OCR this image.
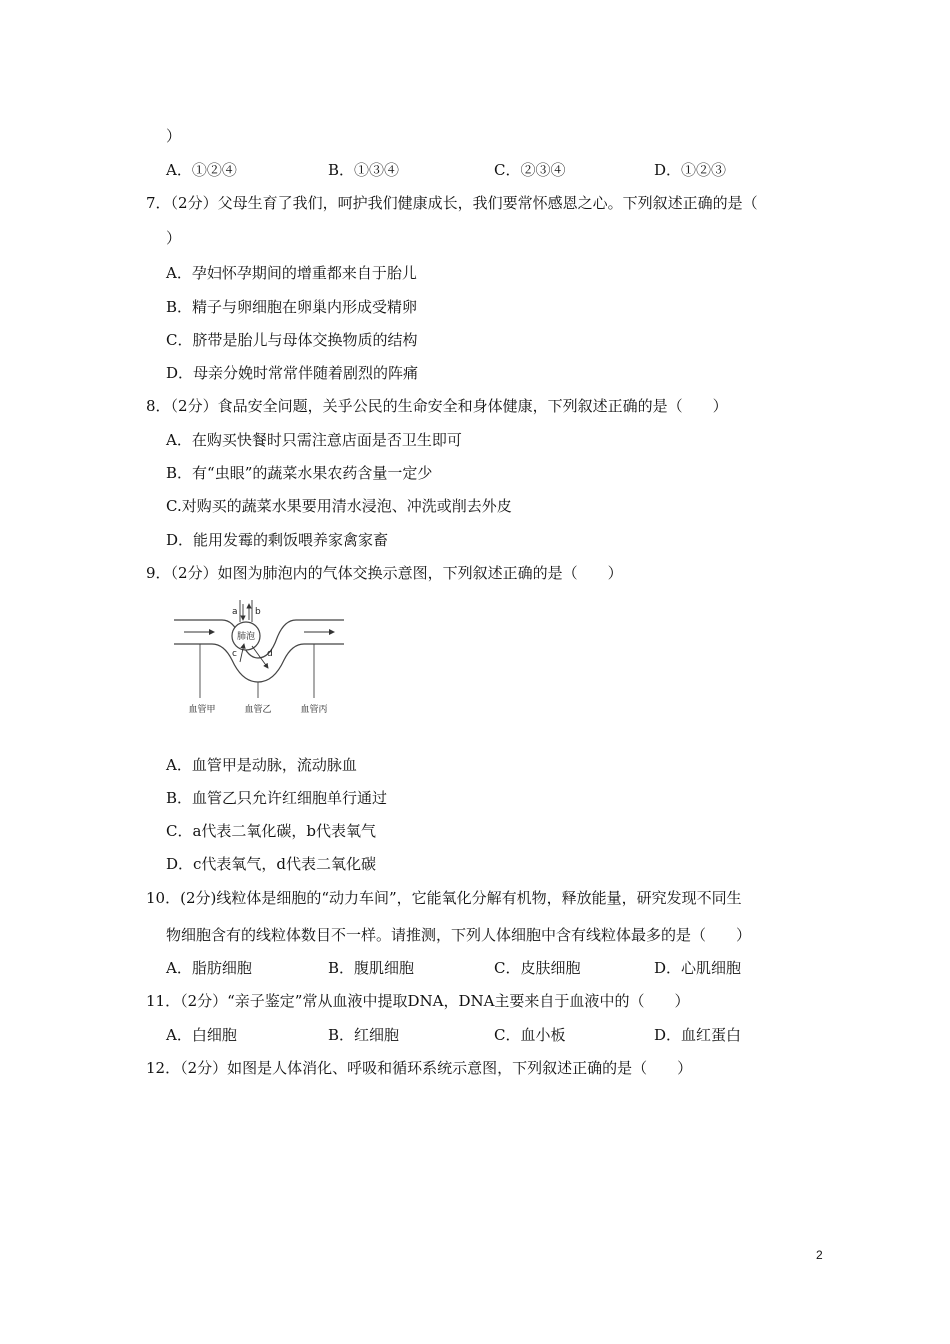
）
A．①②④	B．①③④	C．②③④	D．①②③
7．（2分）父母生育了我们，呵护我们健康成长，我们要常怀感恩之心。下列叙述正确的是（
）
A．孕妇怀孕期间的增重都来自于胎儿
B．精子与卵细胞在卵巢内形成受精卵
C．脐带是胎儿与母体交换物质的结构
D．母亲分娩时常常伴随着剧烈的阵痛
8．（2分）食品安全问题，关乎公民的生命安全和身体健康，下列叙述正确的是（　　）
A．在购买快餐时只需注意店面是否卫生即可
B．有“虫眼”的蔬菜水果农药含量一定少
C.对购买的蔬菜水果要用清水浸泡、冲洗或削去外皮
D．能用发霉的剩饭喂养家禽家畜
9．（2分）如图为肺泡内的气体交换示意图，下列叙述正确的是（　　）
肺泡
a b
c	d
血管甲	血管乙	血管丙
A．血管甲是动脉，流动脉血
B．血管乙只允许红细胞单行通过
C．a代表二氧化碳，b代表氧气
D．c代表氧气，d代表二氧化碳
10．(2分)线粒体是细胞的“动力车间”，它能氧化分解有机物，释放能量，研究发现不同生
物细胞含有的线粒体数目不一样。请推测，下列人体细胞中含有线粒体最多的是（　　）
A．脂肪细胞	B．腹肌细胞	C．皮肤细胞	D．心肌细胞
11．（2分）“亲子鉴定”常从血液中提取DNA，DNA主要来自于血液中的（　　）
A．白细胞	B．红细胞	C．血小板	D．血红蛋白
12．（2分）如图是人体消化、呼吸和循环系统示意图，下列叙述正确的是（　　）
2
